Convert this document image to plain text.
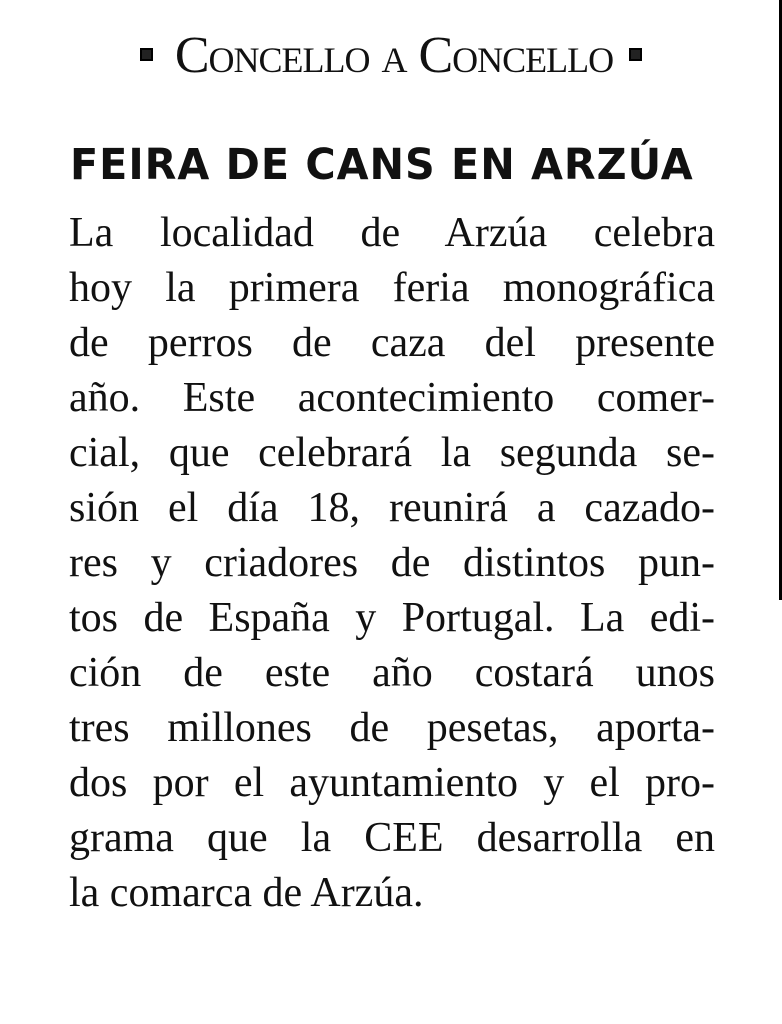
Concello a Concello
FEIRA DE CANS EN ARZÚA
La localidad de Arzúa celebra
hoy la primera feria monográfica
de perros de caza del presente
año. Este acontecimiento comer-
cial, que celebrará la segunda se-
sión el día 18, reunirá a cazado-
res y criadores de distintos pun-
tos de España y Portugal. La edi-
ción de este año costará unos
tres millones de pesetas, aporta-
dos por el ayuntamiento y el pro-
grama que la CEE desarrolla en
la comarca de Arzúa.
